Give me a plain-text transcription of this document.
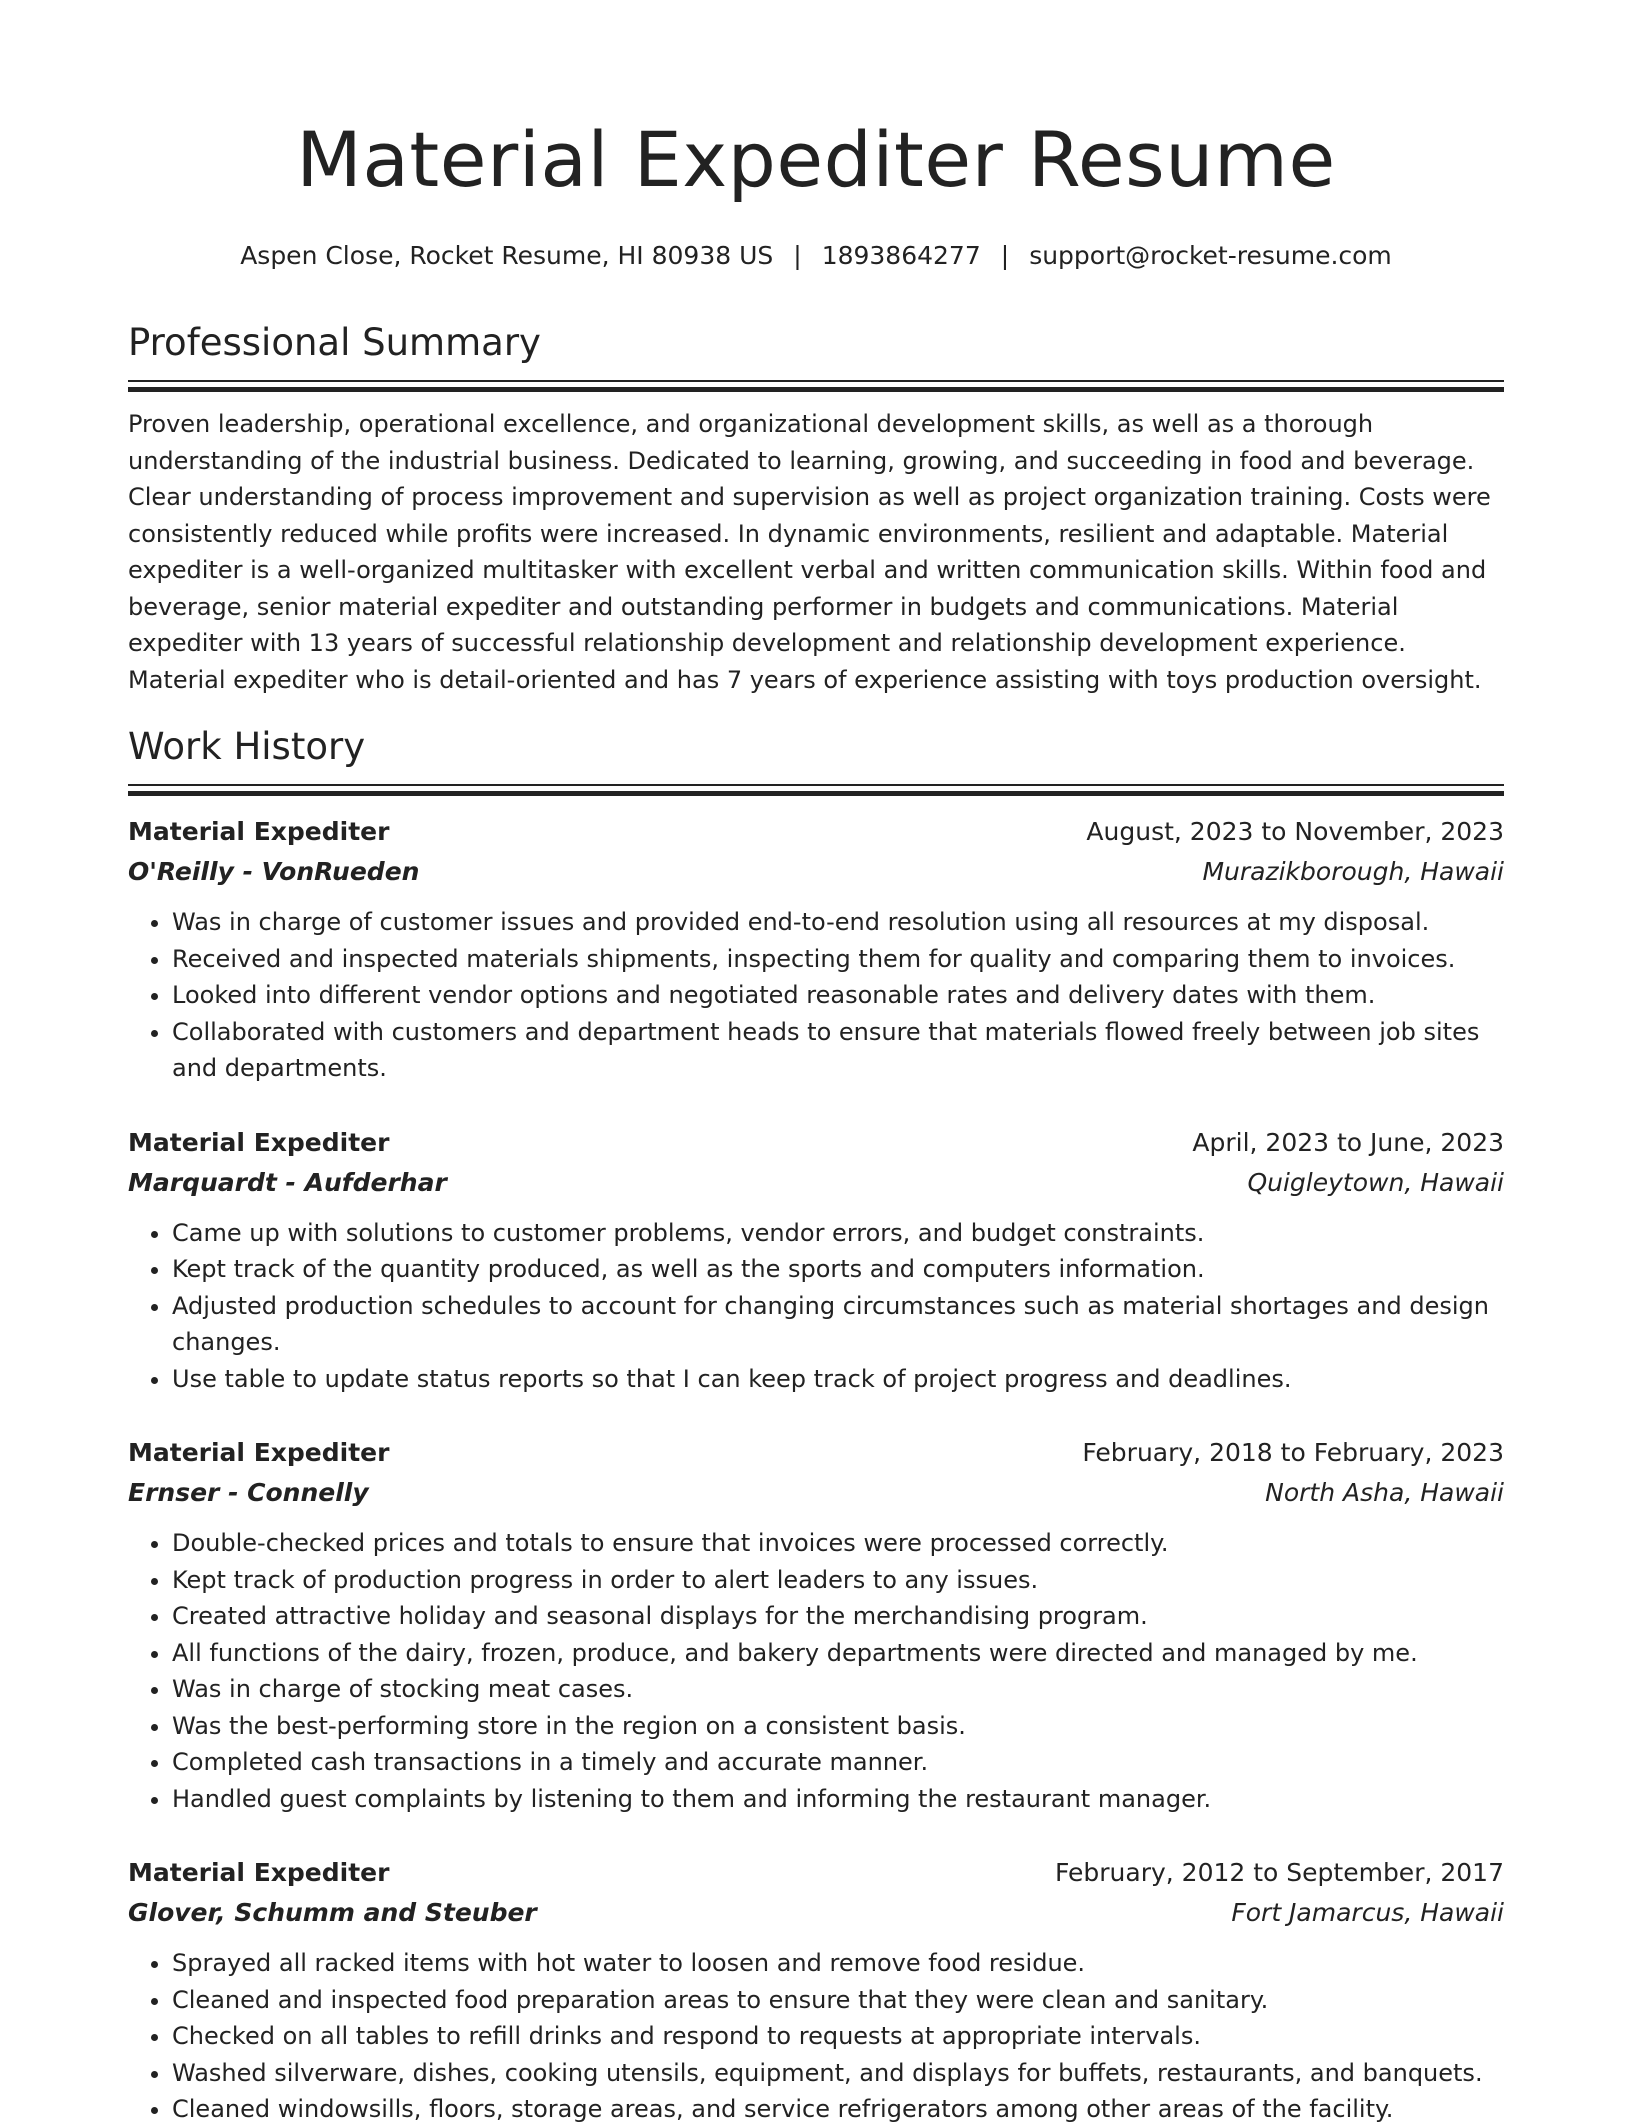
Material Expediter Resume
Aspen Close, Rocket Resume, HI 80938 US | 1893864277 | support@rocket-resume.com
Professional Summary

Proven leadership, operational excellence, and organizational development skills, as well as a thorough understanding of the industrial business. Dedicated to learning, growing, and succeeding in food and beverage. Clear understanding of process improvement and supervision as well as project organization training. Costs were consistently reduced while profits were increased. In dynamic environments, resilient and adaptable. Material expediter is a well-organized multitasker with excellent verbal and written communication skills. Within food and beverage, senior material expediter and outstanding performer in budgets and communications. Material expediter with 13 years of successful relationship development and relationship development experience. Material expediter who is detail-oriented and has 7 years of experience assisting with toys production oversight.

Work History
Material Expediter	August, 2023 to November, 2023
O'Reilly - VonRueden	Murazikborough, Hawaii
• Was in charge of customer issues and provided end-to-end resolution using all resources at my disposal.
• Received and inspected materials shipments, inspecting them for quality and comparing them to invoices.
• Looked into different vendor options and negotiated reasonable rates and delivery dates with them.
• Collaborated with customers and department heads to ensure that materials flowed freely between job sites and departments.
Material Expediter	April, 2023 to June, 2023
Marquardt - Aufderhar	Quigleytown, Hawaii
• Came up with solutions to customer problems, vendor errors, and budget constraints.
• Kept track of the quantity produced, as well as the sports and computers information.
• Adjusted production schedules to account for changing circumstances such as material shortages and design changes.
• Use table to update status reports so that I can keep track of project progress and deadlines.
Material Expediter	February, 2018 to February, 2023
Ernser - Connelly	North Asha, Hawaii
• Double-checked prices and totals to ensure that invoices were processed correctly.
• Kept track of production progress in order to alert leaders to any issues.
• Created attractive holiday and seasonal displays for the merchandising program.
• All functions of the dairy, frozen, produce, and bakery departments were directed and managed by me.
• Was in charge of stocking meat cases.
• Was the best-performing store in the region on a consistent basis.
• Completed cash transactions in a timely and accurate manner.
• Handled guest complaints by listening to them and informing the restaurant manager.
Material Expediter	February, 2012 to September, 2017
Glover, Schumm and Steuber	Fort Jamarcus, Hawaii
• Sprayed all racked items with hot water to loosen and remove food residue.
• Cleaned and inspected food preparation areas to ensure that they were clean and sanitary.
• Checked on all tables to refill drinks and respond to requests at appropriate intervals.
• Washed silverware, dishes, cooking utensils, equipment, and displays for buffets, restaurants, and banquets.
• Cleaned windowsills, floors, storage areas, and service refrigerators among other areas of the facility.
